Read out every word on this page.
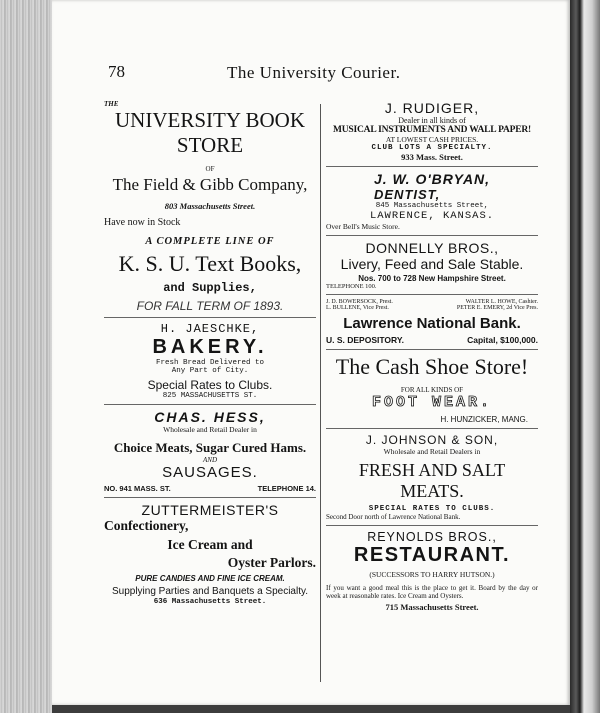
78	The University Courier.

THE

UNIVERSITY BOOK STORE

OF

The Field & Gibb Company,

803 Massachusetts Street.

Have now in Stock

A COMPLETE LINE OF

K. S. U. Text Books,

and Supplies,

FOR FALL TERM OF 1893.

H. JAESCHKE,

BAKERY.

Fresh Bread Delivered to

Any Part of City.

Special Rates to Clubs.

825 MASSACHUSETTS ST.

CHAS. HESS,

Wholesale and Retail Dealer in

Choice Meats, Sugar Cured Hams.

AND

SAUSAGES.

NO. 941 MASS. ST.	TELEPHONE 14.

ZUTTERMEISTER'S

Confectionery,

Ice Cream and

Oyster Parlors.

PURE CANDIES AND FINE ICE CREAM.

Supplying Parties and Banquets a Specialty.

636 Massachusetts Street.

J. RUDIGER,

Dealer in all kinds of

MUSICAL INSTRUMENTS AND WALL PAPER!

AT LOWEST CASH PRICES.

CLUB LOTS A SPECIALTY.

933 Mass. Street.

J. W. O'BRYAN,

DENTIST,

845 Massachusetts Street,

LAWRENCE, KANSAS.

Over Bell's Music Store.

DONNELLY BROS.,

Livery, Feed and Sale Stable.

Nos. 700 to 728 New Hampshire Street.

TELEPHONE 100.

J. D. BOWERSOCK, Prest.	WALTER L. HOWE, Cashier.
L. BULLENE, Vice Prest.	PETER E. EMERY, 2d Vice Pres.

Lawrence National Bank.

U. S. DEPOSITORY.	Capital, $100,000.

The Cash Shoe Store!

FOR ALL KINDS OF

FOOT WEAR.

H. HUNZICKER, MANG.

J. JOHNSON & SON,

Wholesale and Retail Dealers in

FRESH AND SALT MEATS.

SPECIAL RATES TO CLUBS.

Second Door north of Lawrence National Bank.

REYNOLDS BROS.,

RESTAURANT.

(SUCCESSORS TO HARRY HUTSON.)

If you want a good meal this is the place to get it. Board by the day or week at reasonable rates. Ice Cream and Oysters.

715 Massachusetts Street.
